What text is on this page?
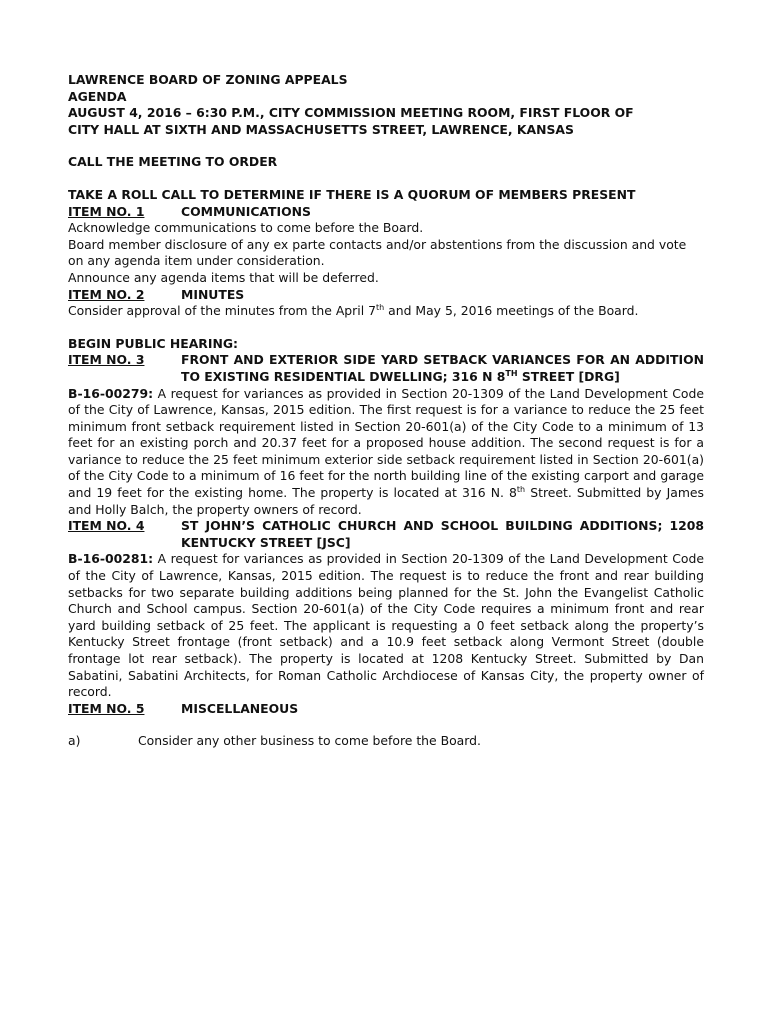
LAWRENCE BOARD OF ZONING APPEALS

AGENDA

AUGUST 4, 2016 – 6:30 P.M., CITY COMMISSION MEETING ROOM, FIRST FLOOR OF

CITY HALL AT SIXTH AND MASSACHUSETTS STREET, LAWRENCE, KANSAS

CALL THE MEETING TO ORDER

TAKE A ROLL CALL TO DETERMINE IF THERE IS A QUORUM OF MEMBERS PRESENT

ITEM NO. 1	COMMUNICATIONS

Acknowledge communications to come before the Board.

Board member disclosure of any ex parte contacts and/or abstentions from the discussion and vote on any agenda item under consideration.

Announce any agenda items that will be deferred.

ITEM NO. 2	MINUTES

Consider approval of the minutes from the April 7th and May 5, 2016 meetings of the Board.

BEGIN PUBLIC HEARING:

ITEM NO. 3	FRONT AND EXTERIOR SIDE YARD SETBACK VARIANCES FOR AN ADDITION TO EXISTING RESIDENTIAL DWELLING; 316 N 8TH STREET [DRG]

B-16-00279: A request for variances as provided in Section 20-1309 of the Land Development Code of the City of Lawrence, Kansas, 2015 edition. The first request is for a variance to reduce the 25 feet minimum front setback requirement listed in Section 20-601(a) of the City Code to a minimum of 13 feet for an existing porch and 20.37 feet for a proposed house addition. The second request is for a variance to reduce the 25 feet minimum exterior side setback requirement listed in Section 20-601(a) of the City Code to a minimum of 16 feet for the north building line of the existing carport and garage and 19 feet for the existing home. The property is located at 316 N. 8th Street. Submitted by James and Holly Balch, the property owners of record.

ITEM NO. 4	ST JOHN’S CATHOLIC CHURCH AND SCHOOL BUILDING ADDITIONS; 1208 KENTUCKY STREET [JSC]

B-16-00281: A request for variances as provided in Section 20-1309 of the Land Development Code of the City of Lawrence, Kansas, 2015 edition. The request is to reduce the front and rear building setbacks for two separate building additions being planned for the St. John the Evangelist Catholic Church and School campus. Section 20-601(a) of the City Code requires a minimum front and rear yard building setback of 25 feet. The applicant is requesting a 0 feet setback along the property’s Kentucky Street frontage (front setback) and a 10.9 feet setback along Vermont Street (double frontage lot rear setback). The property is located at 1208 Kentucky Street. Submitted by Dan Sabatini, Sabatini Architects, for Roman Catholic Archdiocese of Kansas City, the property owner of record.

ITEM NO. 5	MISCELLANEOUS
a)	Consider any other business to come before the Board.
